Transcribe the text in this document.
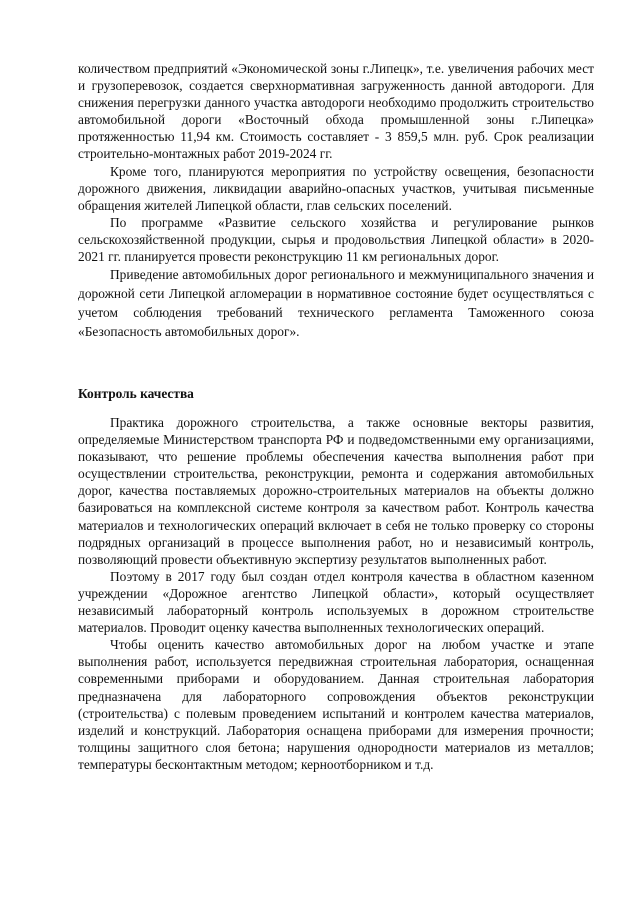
количеством предприятий «Экономической зоны г.Липецк», т.е. увеличения рабочих мест и грузоперевозок, создается сверхнормативная загруженность данной автодороги. Для снижения перегрузки данного участка автодороги необходимо продолжить строительство автомобильной дороги «Восточный обхода промышленной зоны г.Липецка» протяженностью 11,94 км. Стоимость составляет - 3 859,5 млн. руб. Срок реализации строительно-монтажных работ 2019-2024 гг.

Кроме того, планируются мероприятия по устройству освещения, безопасности дорожного движения, ликвидации аварийно-опасных участков, учитывая письменные обращения жителей Липецкой области, глав сельских поселений.

По программе «Развитие сельского хозяйства и регулирование рынков сельскохозяйственной продукции, сырья и продовольствия Липецкой области» в 2020-2021 гг. планируется провести реконструкцию 11 км региональных дорог.

Приведение автомобильных дорог регионального и межмуниципального значения и дорожной сети Липецкой агломерации в нормативное состояние будет осуществляться с учетом соблюдения требований технического регламента Таможенного союза «Безопасность автомобильных дорог».

Контроль качества

Практика дорожного строительства, а также основные векторы развития, определяемые Министерством транспорта РФ и подведомственными ему организациями, показывают, что решение проблемы обеспечения качества выполнения работ при осуществлении строительства, реконструкции, ремонта и содержания автомобильных дорог, качества поставляемых дорожно-строительных материалов на объекты должно базироваться на комплексной системе контроля за качеством работ. Контроль качества материалов и технологических операций включает в себя не только проверку со стороны подрядных организаций в процессе выполнения работ, но и независимый контроль, позволяющий провести объективную экспертизу результатов выполненных работ.

Поэтому в 2017 году был создан отдел контроля качества в областном казенном учреждении «Дорожное агентство Липецкой области», который осуществляет независимый лабораторный контроль используемых в дорожном строительстве материалов. Проводит оценку качества выполненных технологических операций.

Чтобы оценить качество автомобильных дорог на любом участке и этапе выполнения работ, используется передвижная строительная лаборатория, оснащенная современными приборами и оборудованием. Данная строительная лаборатория предназначена для лабораторного сопровождения объектов реконструкции (строительства) с полевым проведением испытаний и контролем качества материалов, изделий и конструкций. Лаборатория оснащена приборами для измерения прочности; толщины защитного слоя бетона; нарушения однородности материалов из металлов; температуры бесконтактным методом; керноотборником и т.д.
